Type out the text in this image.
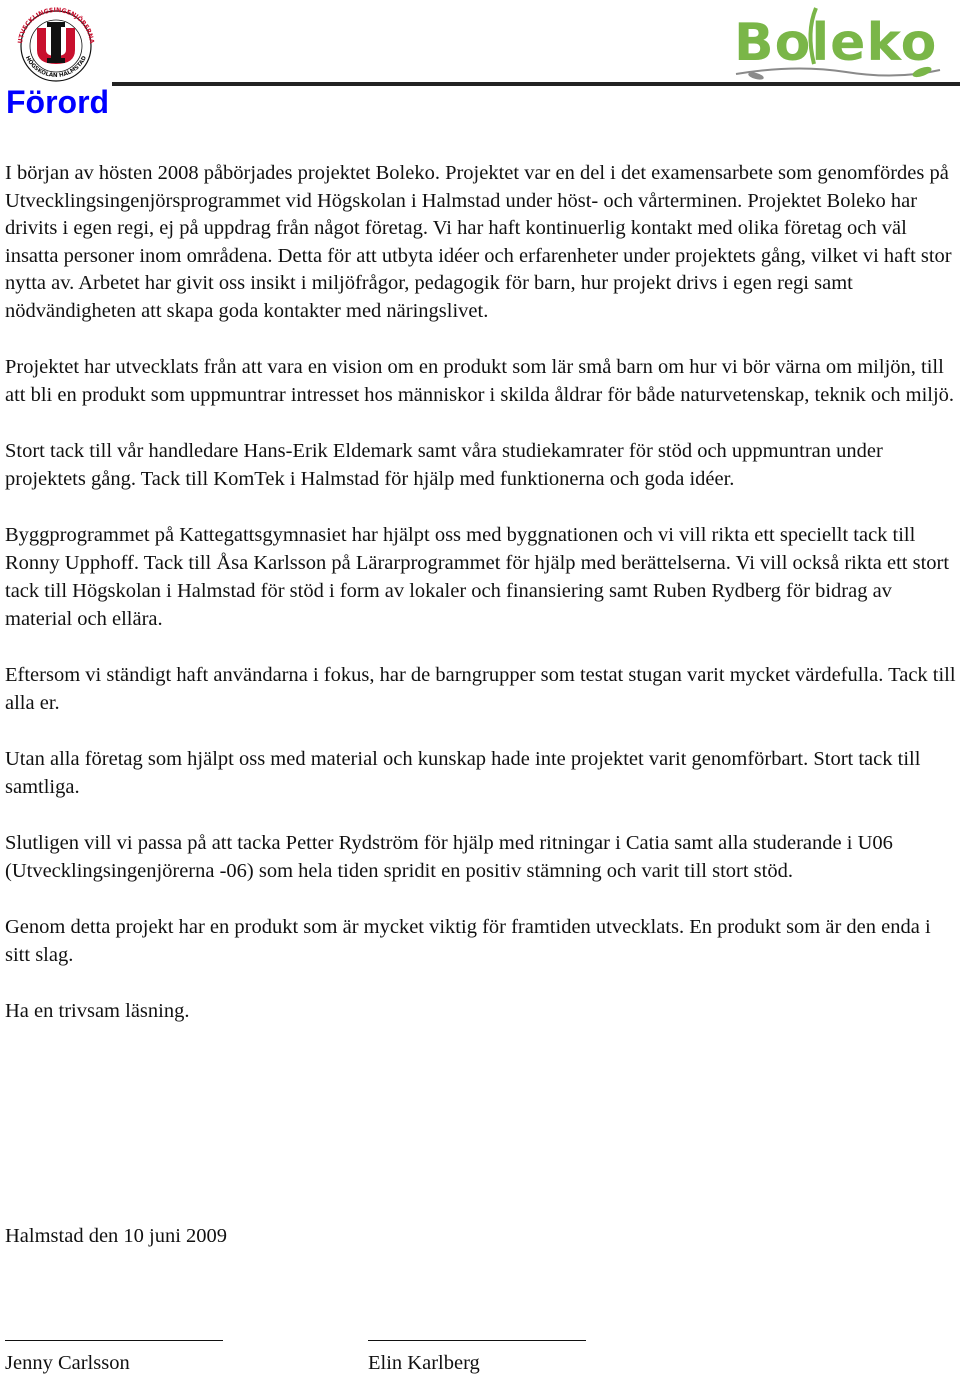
UTVECKLINGSINGENJÖRERNA
HÖGSKOLAN HALMSTAD	Boleko
Förord

I början av hösten 2008 påbörjades projektet Boleko. Projektet var en del i det examensarbete som genomfördes på Utvecklingsingenjörsprogrammet vid Högskolan i Halmstad under höst- och vårterminen. Projektet Boleko har drivits i egen regi, ej på uppdrag från något företag. Vi har haft kontinuerlig kontakt med olika företag och väl insatta personer inom områdena. Detta för att utbyta idéer och erfarenheter under projektets gång, vilket vi haft stor nytta av. Arbetet har givit oss insikt i miljöfrågor, pedagogik för barn, hur projekt drivs i egen regi samt nödvändigheten att skapa goda kontakter med näringslivet.

Projektet har utvecklats från att vara en vision om en produkt som lär små barn om hur vi bör värna om miljön, till att bli en produkt som uppmuntrar intresset hos människor i skilda åldrar för både naturvetenskap, teknik och miljö.

Stort tack till vår handledare Hans-Erik Eldemark samt våra studiekamrater för stöd och uppmuntran under projektets gång. Tack till KomTek i Halmstad för hjälp med funktionerna och goda idéer.

Byggprogrammet på Kattegattsgymnasiet har hjälpt oss med byggnationen och vi vill rikta ett speciellt tack till Ronny Upphoff. Tack till Åsa Karlsson på Lärarprogrammet för hjälp med berättelserna. Vi vill också rikta ett stort tack till Högskolan i Halmstad för stöd i form av lokaler och finansiering samt Ruben Rydberg för bidrag av material och ellära.

Eftersom vi ständigt haft användarna i fokus, har de barngrupper som testat stugan varit mycket värdefulla. Tack till alla er.

Utan alla företag som hjälpt oss med material och kunskap hade inte projektet varit genomförbart. Stort tack till samtliga.

Slutligen vill vi passa på att tacka Petter Rydström för hjälp med ritningar i Catia samt alla studerande i U06 (Utvecklingsingenjörerna -06) som hela tiden spridit en positiv stämning och varit till stort stöd.

Genom detta projekt har en produkt som är mycket viktig för framtiden utvecklats. En produkt som är den enda i sitt slag.

Ha en trivsam läsning.

Halmstad den 10 juni 2009

Jenny Carlsson	Elin Karlberg
